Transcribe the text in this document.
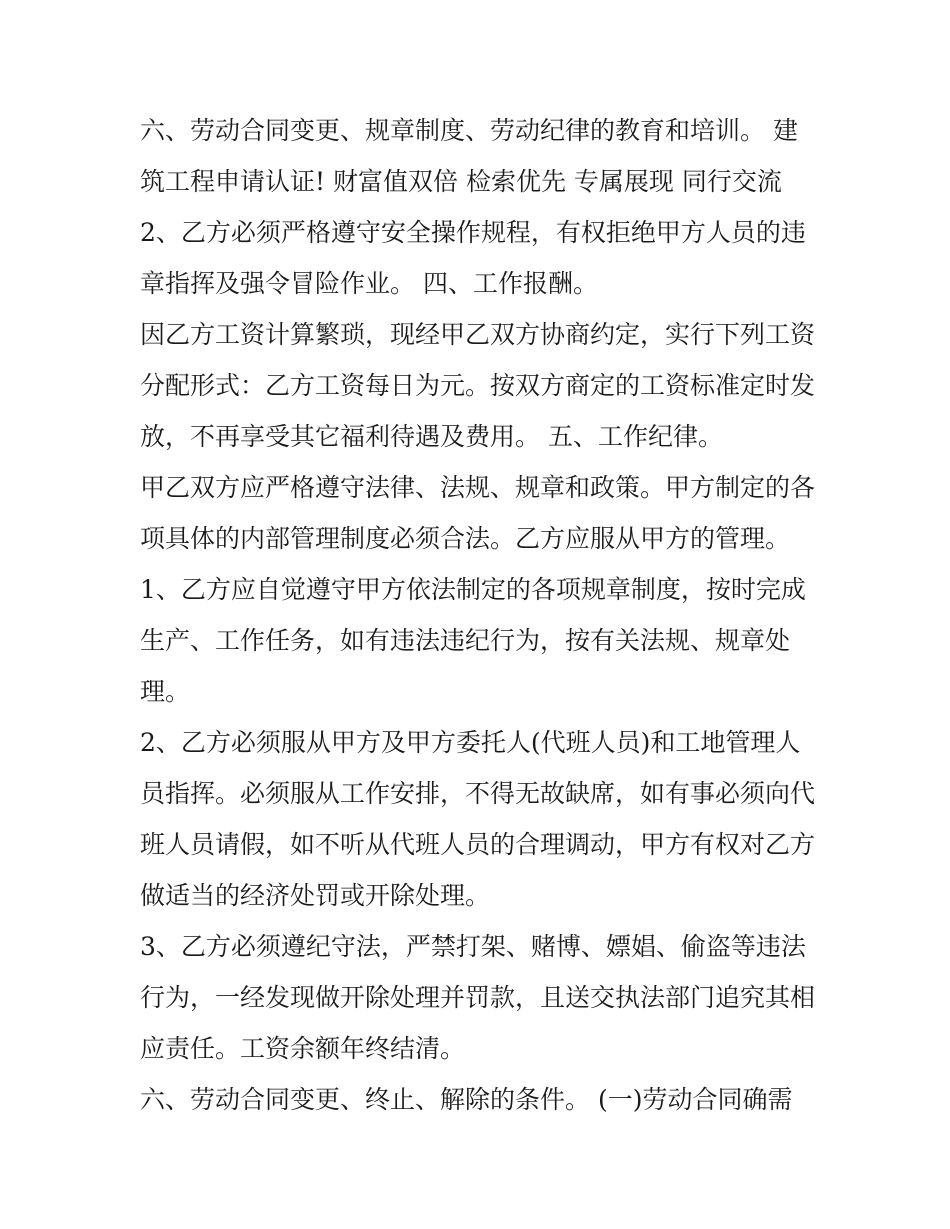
六、劳动合同变更、规章制度、劳动纪律的教育和培训。 建
筑工程申请认证! 财富值双倍 检索优先 专属展现 同行交流
2、乙方必须严格遵守安全操作规程，有权拒绝甲方人员的违
章指挥及强令冒险作业。 四、工作报酬。
因乙方工资计算繁琐，现经甲乙双方协商约定，实行下列工资
分配形式：乙方工资每日为元。按双方商定的工资标准定时发
放，不再享受其它福利待遇及费用。 五、工作纪律。
甲乙双方应严格遵守法律、法规、规章和政策。甲方制定的各
项具体的内部管理制度必须合法。乙方应服从甲方的管理。
1、乙方应自觉遵守甲方依法制定的各项规章制度，按时完成
生产、工作任务，如有违法违纪行为，按有关法规、规章处
理。
2、乙方必须服从甲方及甲方委托人(代班人员)和工地管理人
员指挥。必须服从工作安排，不得无故缺席，如有事必须向代
班人员请假，如不听从代班人员的合理调动，甲方有权对乙方
做适当的经济处罚或开除处理。
3、乙方必须遵纪守法，严禁打架、赌博、嫖娼、偷盗等违法
行为，一经发现做开除处理并罚款，且送交执法部门追究其相
应责任。工资余额年终结清。
六、劳动合同变更、终止、解除的条件。 (一)劳动合同确需
